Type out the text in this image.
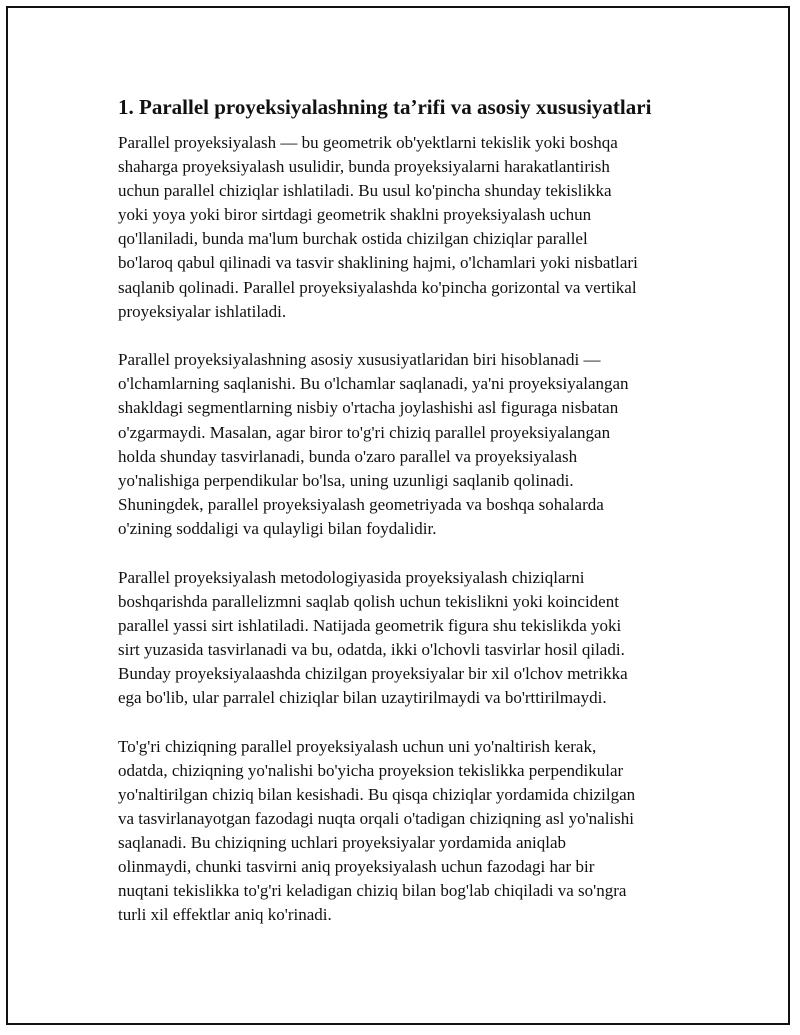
1. Parallel proyeksiyalashning ta’rifi va asosiy xususiyatlari

Parallel proyeksiyalash — bu geometrik ob'yektlarni tekislik yoki boshqa
shaharga proyeksiyalash usulidir, bunda proyeksiyalarni harakatlantirish
uchun parallel chiziqlar ishlatiladi. Bu usul ko'pincha shunday tekislikka
yoki yoya yoki biror sirtdagi geometrik shaklni proyeksiyalash uchun
qo'llaniladi, bunda ma'lum burchak ostida chizilgan chiziqlar parallel
bo'laroq qabul qilinadi va tasvir shaklining hajmi, o'lchamlari yoki nisbatlari
saqlanib qolinadi. Parallel proyeksiyalashda ko'pincha gorizontal va vertikal
proyeksiyalar ishlatiladi.

Parallel proyeksiyalashning asosiy xususiyatlaridan biri hisoblanadi —
o'lchamlarning saqlanishi. Bu o'lchamlar saqlanadi, ya'ni proyeksiyalangan
shakldagi segmentlarning nisbiy o'rtacha joylashishi asl figuraga nisbatan
o'zgarmaydi. Masalan, agar biror to'g'ri chiziq parallel proyeksiyalangan
holda shunday tasvirlanadi, bunda o'zaro parallel va proyeksiyalash
yo'nalishiga perpendikular bo'lsa, uning uzunligi saqlanib qolinadi.
Shuningdek, parallel proyeksiyalash geometriyada va boshqa sohalarda
o'zining soddaligi va qulayligi bilan foydalidir.

Parallel proyeksiyalash metodologiyasida proyeksiyalash chiziqlarni
boshqarishda parallelizmni saqlab qolish uchun tekislikni yoki koincident
parallel yassi sirt ishlatiladi. Natijada geometrik figura shu tekislikda yoki
sirt yuzasida tasvirlanadi va bu, odatda, ikki o'lchovli tasvirlar hosil qiladi.
Bunday proyeksiyalaashda chizilgan proyeksiyalar bir xil o'lchov metrikka
ega bo'lib, ular parralel chiziqlar bilan uzaytirilmaydi va bo'rttirilmaydi.

To'g'ri chiziqning parallel proyeksiyalash uchun uni yo'naltirish kerak,
odatda, chiziqning yo'nalishi bo'yicha proyeksion tekislikka perpendikular
yo'naltirilgan chiziq bilan kesishadi. Bu qisqa chiziqlar yordamida chizilgan
va tasvirlanayotgan fazodagi nuqta orqali o'tadigan chiziqning asl yo'nalishi
saqlanadi. Bu chiziqning uchlari proyeksiyalar yordamida aniqlab
olinmaydi, chunki tasvirni aniq proyeksiyalash uchun fazodagi har bir
nuqtani tekislikka to'g'ri keladigan chiziq bilan bog'lab chiqiladi va so'ngra
turli xil effektlar aniq ko'rinadi.
